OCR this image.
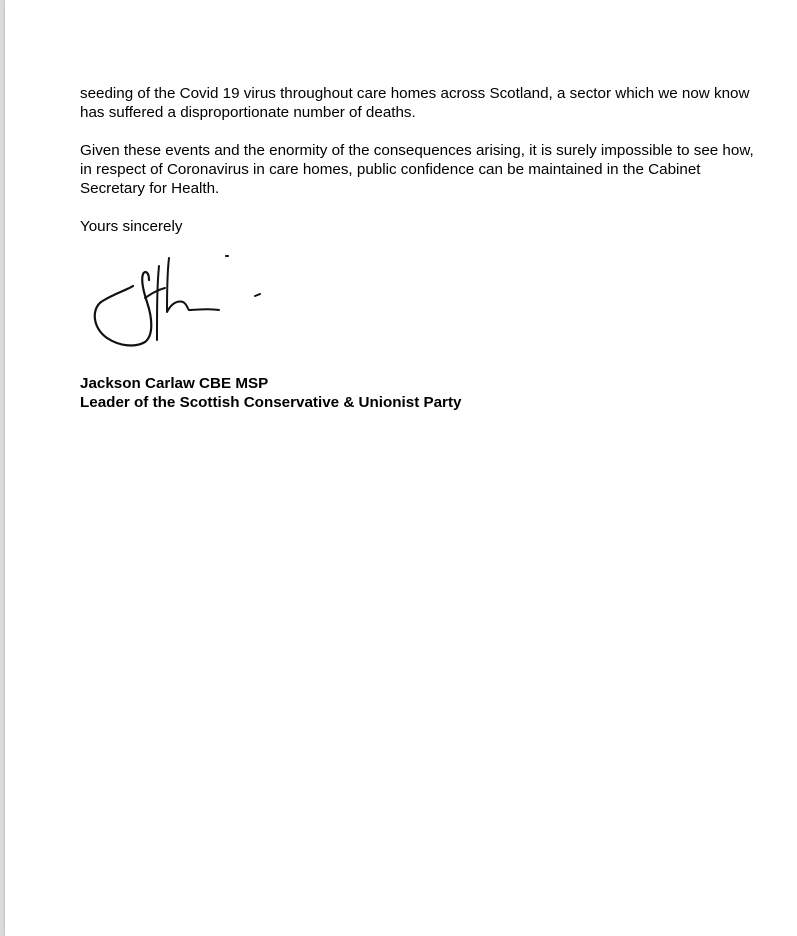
seeding of the Covid 19 virus throughout care homes across Scotland, a sector which we now know has suffered a disproportionate number of deaths.

Given these events and the enormity of the consequences arising, it is surely impossible to see how, in respect of Coronavirus in care homes, public confidence can be maintained in the Cabinet Secretary for Health.

Yours sincerely

Jackson Carlaw CBE MSP
Leader of the Scottish Conservative & Unionist Party
